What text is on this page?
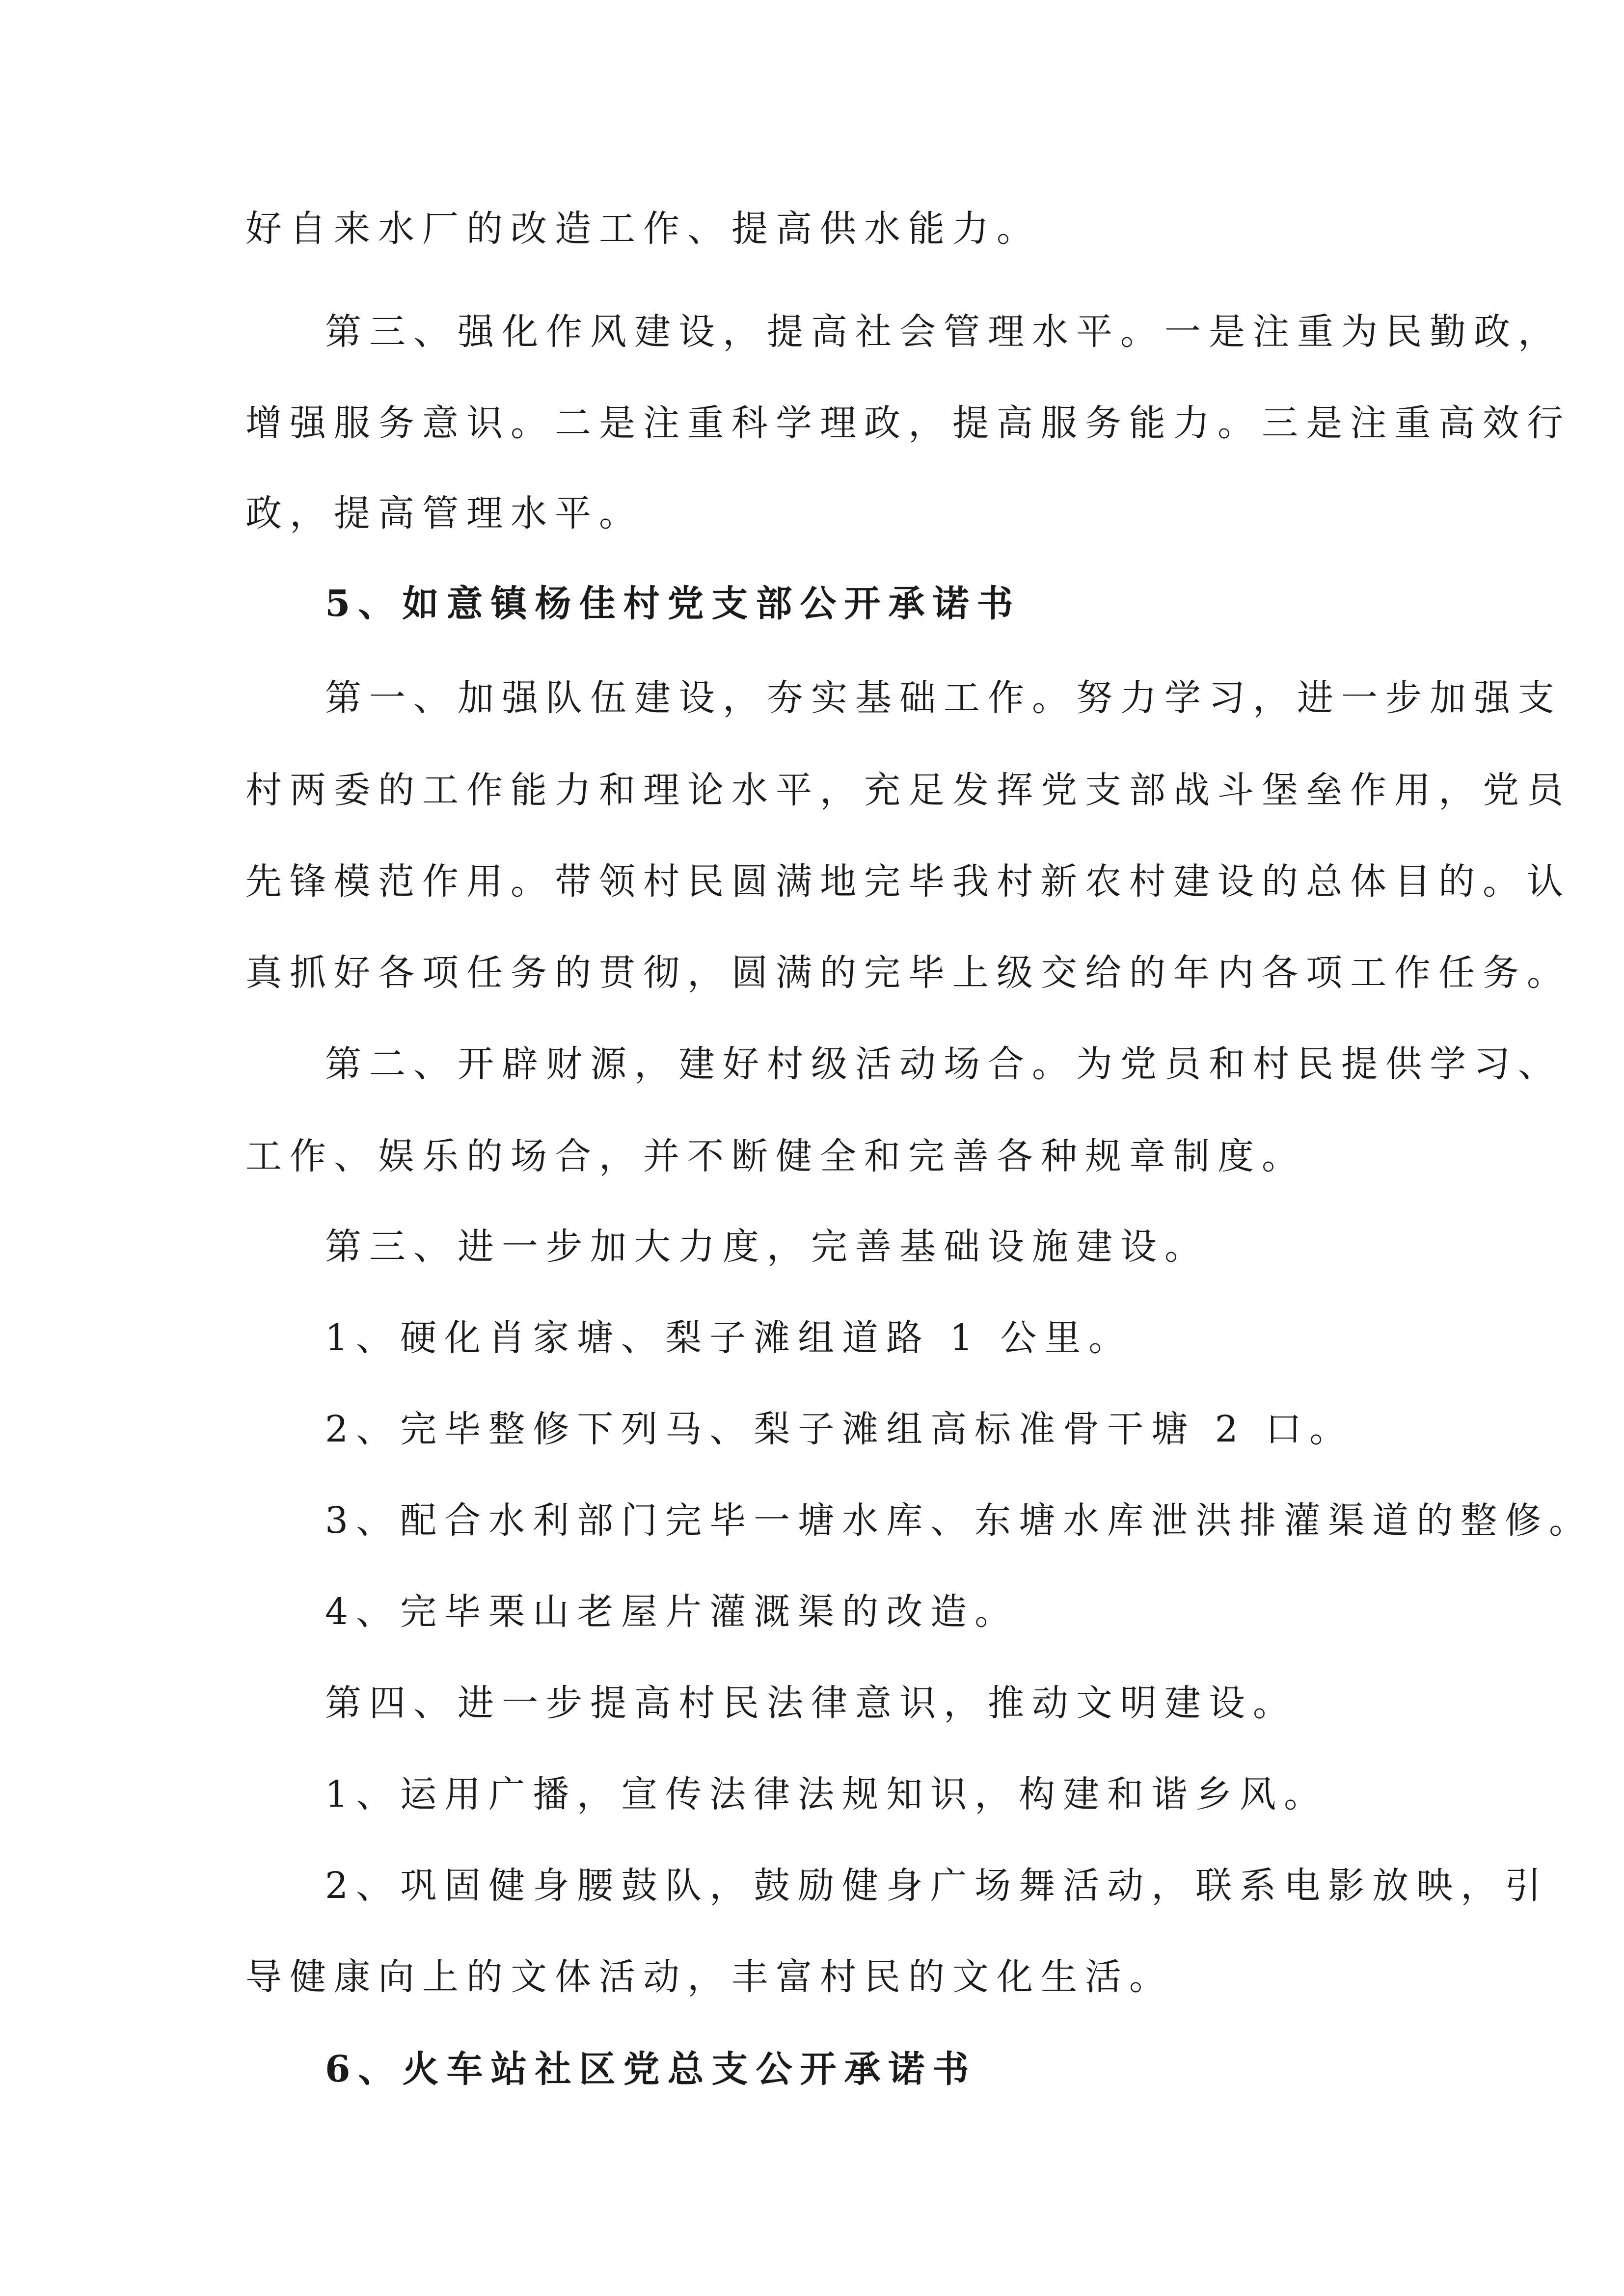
好自来水厂的改造工作、提高供水能力。
第三、强化作风建设，提高社会管理水平。一是注重为民勤政，
增强服务意识。二是注重科学理政，提高服务能力。三是注重高效行
政，提高管理水平。
5、如意镇杨佳村党支部公开承诺书
第一、加强队伍建设，夯实基础工作。努力学习，进一步加强支
村两委的工作能力和理论水平，充足发挥党支部战斗堡垒作用，党员
先锋模范作用。带领村民圆满地完毕我村新农村建设的总体目的。认
真抓好各项任务的贯彻，圆满的完毕上级交给的年内各项工作任务。
第二、开辟财源，建好村级活动场合。为党员和村民提供学习、
工作、娱乐的场合，并不断健全和完善各种规章制度。
第三、进一步加大力度，完善基础设施建设。
1、硬化肖家塘、梨子滩组道路 1 公里。
2、完毕整修下列马、梨子滩组高标准骨干塘 2 口。
3、配合水利部门完毕一塘水库、东塘水库泄洪排灌渠道的整修。
4、完毕栗山老屋片灌溉渠的改造。
第四、进一步提高村民法律意识，推动文明建设。
1、运用广播，宣传法律法规知识，构建和谐乡风。
2、巩固健身腰鼓队，鼓励健身广场舞活动，联系电影放映，引
导健康向上的文体活动，丰富村民的文化生活。
6、火车站社区党总支公开承诺书
